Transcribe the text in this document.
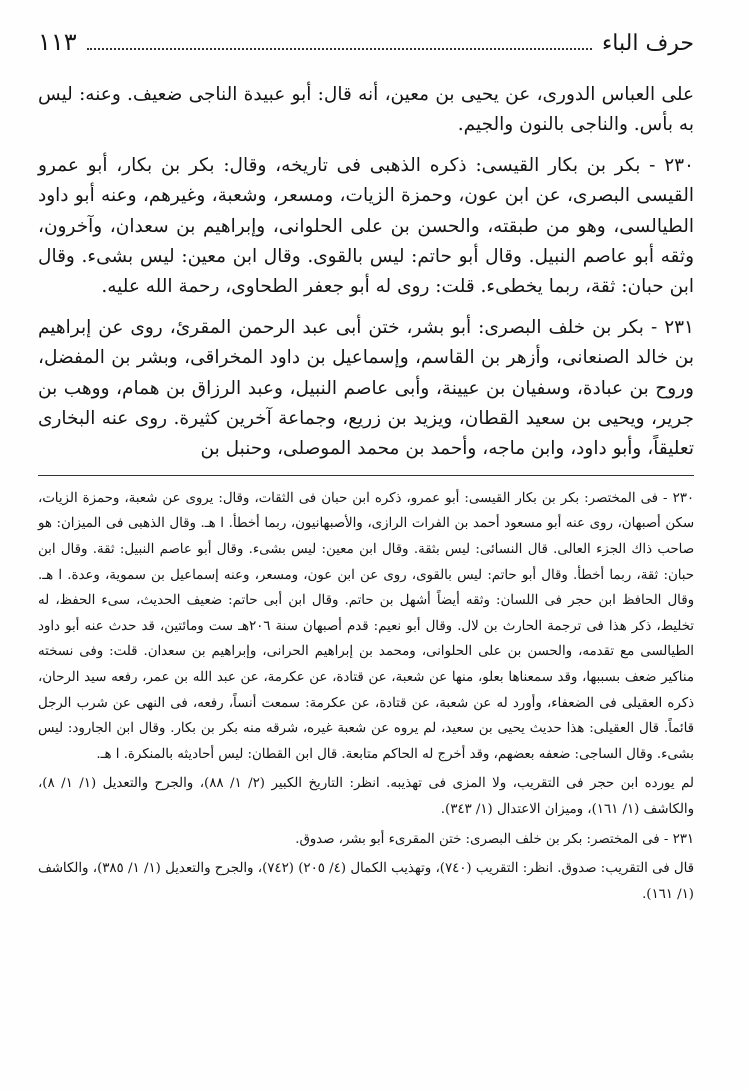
حرف الباء
١١٣

علی العباس الدوری، عن یحیی بن معین، أنه قال: أبو عبیدة الناجی ضعیف. وعنه: لیس به بأس. والناجی بالنون والجیم.

٢٣٠ - بکر بن بکار القیسی: ذکره الذهبی فی تاریخه، وقال: بکر بن بکار، أبو عمرو القیسی البصری، عن ابن عون، وحمزة الزیات، ومسعر، وشعبة، وغیرهم، وعنه أبو داود الطیالسی، وهو من طبقته، والحسن بن علی الحلوانی، وإبراهیم بن سعدان، وآخرون، وثقه أبو عاصم النبیل. وقال أبو حاتم: لیس بالقوی. وقال ابن معین: لیس بشیء. وقال ابن حبان: ثقة، ربما یخطیء. قلت: روی له أبو جعفر الطحاوی، رحمة الله علیه.

٢٣١ - بکر بن خلف البصری: أبو بشر، ختن أبی عبد الرحمن المقرئ، روی عن إبراهیم بن خالد الصنعانی، وأزهر بن القاسم، وإسماعیل بن داود المخراقی، وبشر بن المفضل، وروح بن عبادة، وسفیان بن عیینة، وأبی عاصم النبیل، وعبد الرزاق بن همام، ووهب بن جریر، ویحیی بن سعید القطان، ویزید بن زریع، وجماعة آخرین کثیرة. روی عنه البخاری تعلیقاً، وأبو داود، وابن ماجه، وأحمد بن محمد الموصلی، وحنبل بن

٢٣٠ - فی المختصر: بکر بن بکار القیسی: أبو عمرو، ذکره ابن حبان فی الثقات، وقال: یروی عن شعبة، وحمزة الزیات، سکن أصبهان، روی عنه أبو مسعود أحمد بن الفرات الرازی، والأصبهانیون، ربما أخطأ. ا هـ. وقال الذهبی فی المیزان: هو صاحب ذاك الجزء العالی. قال النسائی: لیس بثقة. وقال ابن معین: لیس بشیء. وقال أبو عاصم النبیل: ثقة. وقال ابن حبان: ثقة، ربما أخطأ. وقال أبو حاتم: لیس بالقوی، روی عن ابن عون، ومسعر، وعنه إسماعیل بن سمویة، وعدة. ا هـ. وقال الحافظ ابن حجر فی اللسان: وثقه أیضاً أشهل بن حاتم. وقال ابن أبی حاتم: ضعیف الحدیث، سیء الحفظ، له تخلیط، ذکر هذا فی ترجمة الحارث بن لال. وقال أبو نعیم: قدم أصبهان سنة ٢٠٦هـ ست ومائتین، قد حدث عنه أبو داود الطیالسی مع تقدمه، والحسن بن علی الحلوانی، ومحمد بن إبراهیم الحرانی، وإبراهیم بن سعدان. قلت: وفی نسخته مناکیر ضعف بسببها، وقد سمعناها بعلو، منها عن شعبة، عن قتادة، عن عکرمة، عن عبد الله بن عمر، رفعه سید الرحان، ذکره العقیلی فی الضعفاء، وأورد له عن شعبة، عن قتادة، عن عکرمة: سمعت أنساً، رفعه، فی النهی عن شرب الرجل قائماً. قال العقیلی: هذا حدیث یحیی بن سعید، لم یروه عن شعبة غیره، شرقه منه بکر بن بکار. وقال ابن الجارود: لیس بشیء. وقال الساجی: ضعفه بعضهم، وقد أخرج له الحاکم متابعة. قال ابن القطان: لیس أحادیثه بالمنکرة. ا هـ.

لم یورده ابن حجر فی التقریب، ولا المزی فی تهذیبه. انظر: التاریخ الکبیر (٢/ ١/ ٨٨)، والجرح والتعدیل (١/ ١/ ٨)، والکاشف (١/ ١٦١)، ومیزان الاعتدال (١/ ٣٤٣).

٢٣١ - فی المختصر: بکر بن خلف البصری: ختن المقریء أبو بشر، صدوق.

قال فی التقریب: صدوق. انظر: التقریب (٧٤٠)، وتهذیب الکمال (٤/ ٢٠٥) (٧٤٢)، والجرح والتعدیل (١/ ١/ ٣٨٥)، والکاشف (١/ ١٦١).
